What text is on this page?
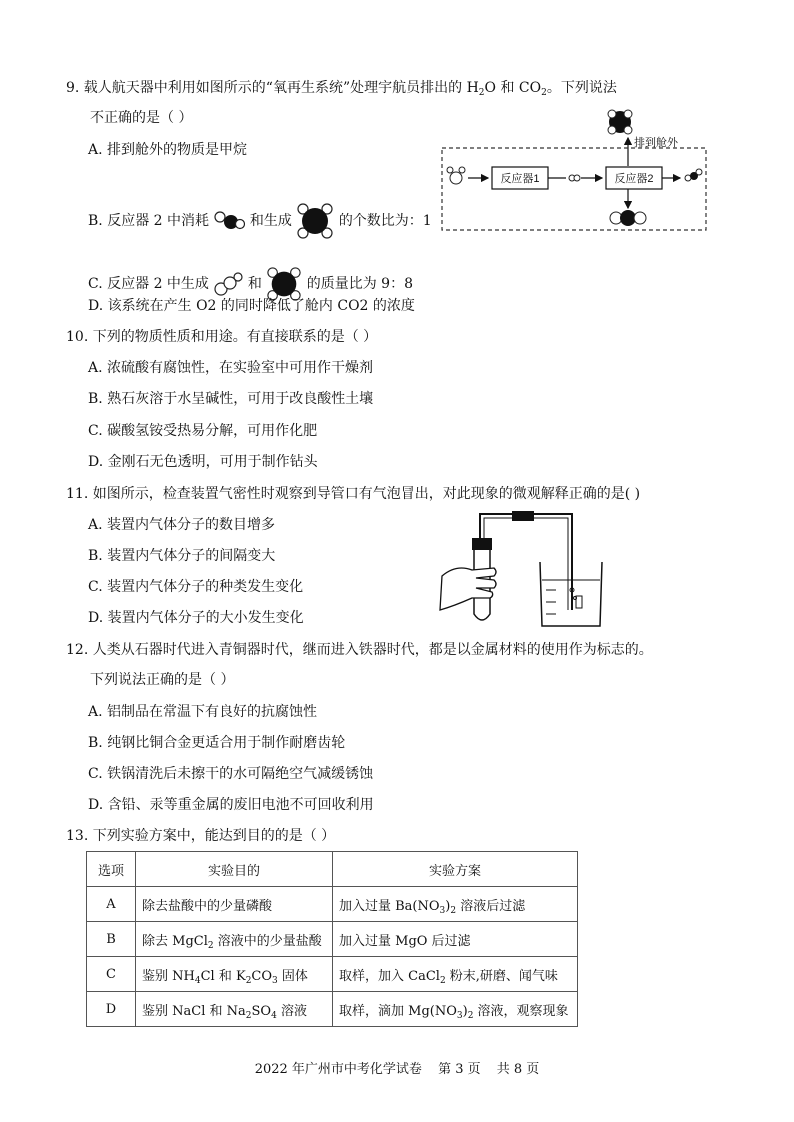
9. 载人航天器中利用如图所示的“氧再生系统”处理宇航员排出的 $H_2O$ 和 $CO_2$。下列说法
不正确的是（ ）
A. 排到舱外的物质是甲烷
B. 反应器 2 中消耗	和生成	的个数比为：1
C. 反应器 2 中生成	和	的质量比为 9：8
D. 该系统在产生 O2 的同时降低了舱内 CO2 的浓度
排到舱外
反应器1	反应器2
10. 下列的物质性质和用途。有直接联系的是（ ）
A. 浓硫酸有腐蚀性，在实验室中可用作干燥剂
B. 熟石灰溶于水呈碱性，可用于改良酸性土壤
C. 碳酸氢铵受热易分解，可用作化肥
D. 金刚石无色透明，可用于制作钻头
11. 如图所示，检查装置气密性时观察到导管口有气泡冒出，对此现象的微观解释正确的是( )
A. 装置内气体分子的数目增多
B. 装置内气体分子的间隔变大
C. 装置内气体分子的种类发生变化
D. 装置内气体分子的大小发生变化
12. 人类从石器时代进入青铜器时代，继而进入铁器时代，都是以金属材料的使用作为标志的。
下列说法正确的是（ ）
A. 铝制品在常温下有良好的抗腐蚀性
B. 纯钢比铜合金更适合用于制作耐磨齿轮
C. 铁锅清洗后未擦干的水可隔绝空气减缓锈蚀
D. 含铅、汞等重金属的废旧电池不可回收利用
13. 下列实验方案中，能达到目的的是（ ）
选项	实验目的	实验方案
A	除去盐酸中的少量磷酸	加入过量 $Ba(NO_3)_2$ 溶液后过滤
B	除去 MgCl$_2$ 溶液中的少量盐酸	加入过量 MgO 后过滤
C	鉴别 $NH_4Cl$ 和 $K_2CO_3$ 固体	取样，加入 CaCl$_2$ 粉末,研磨、闻气味
D	鉴别 NaCl 和 $Na_2SO_4$ 溶液	取样，滴加 $Mg(NO_3)_2$ 溶液，观察现象
2022 年广州市中考化学试卷 第 3 页 共 8 页
